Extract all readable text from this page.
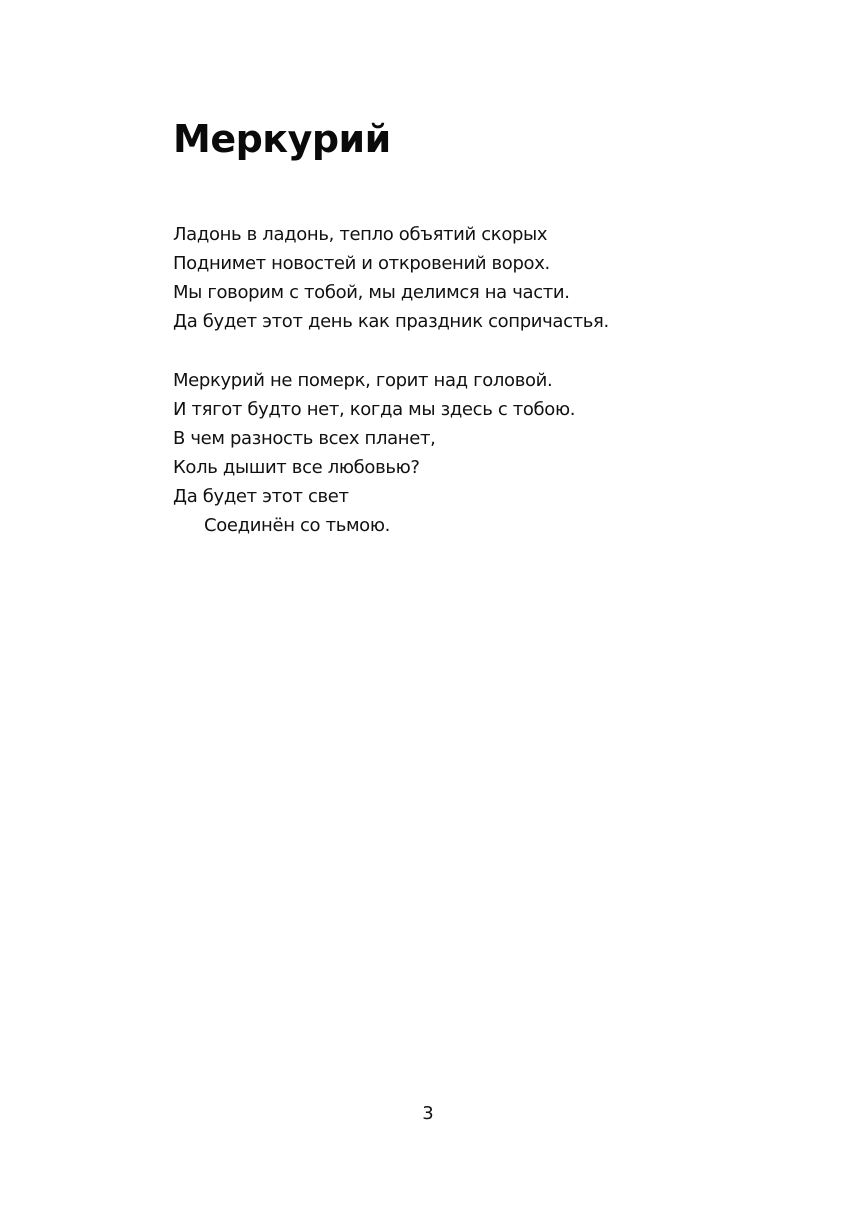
Меркурий
Ладонь в ладонь, тепло объятий скорых
Поднимет новостей и откровений ворох.
Мы говорим с тобой, мы делимся на части.
Да будет этот день как праздник сопричастья.
Меркурий не померк, горит над головой.
И тягот будто нет, когда мы здесь с тобою.
В чем разность всех планет,
Коль дышит все любовью?
Да будет этот свет
Соединён со тьмою.
3
